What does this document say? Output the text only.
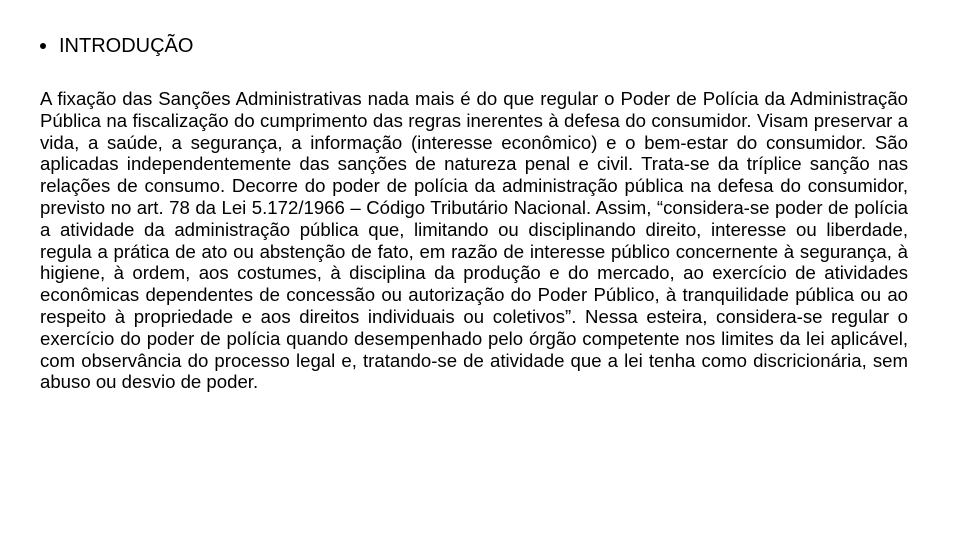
INTRODUÇÃO

A fixação das Sanções Administrativas nada mais é do que regular o Poder de Polícia da Administração Pública na fiscalização do cumprimento das regras inerentes à defesa do consumidor. Visam preservar a vida, a saúde, a segurança, a informação (interesse econômico) e o bem-estar do consumidor. São aplicadas independentemente das sanções de natureza penal e civil. Trata-se da tríplice sanção nas relações de consumo. Decorre do poder de polícia da administração pública na defesa do consumidor, previsto no art. 78 da Lei 5.172/1966 – Código Tributário Nacional. Assim, “considera-se poder de polícia a atividade da administração pública que, limitando ou disciplinando direito, interesse ou liberdade, regula a prática de ato ou abstenção de fato, em razão de interesse público concernente à segurança, à higiene, à ordem, aos costumes, à disciplina da produção e do mercado, ao exercício de atividades econômicas dependentes de concessão ou autorização do Poder Público, à tranquilidade pública ou ao respeito à propriedade e aos direitos individuais ou coletivos”. Nessa esteira, considera-se regular o exercício do poder de polícia quando desempenhado pelo órgão competente nos limites da lei aplicável, com observância do processo legal e, tratando-se de atividade que a lei tenha como discricionária, sem abuso ou desvio de poder.
